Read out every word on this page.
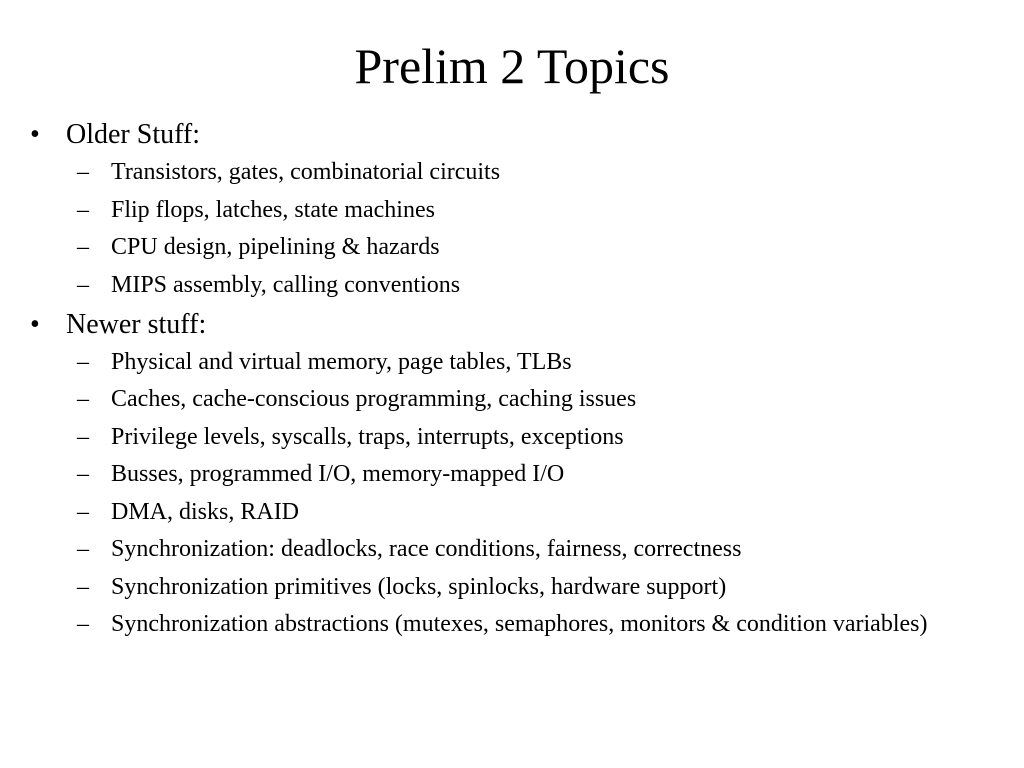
Prelim 2 Topics
• Older Stuff:
– Transistors, gates, combinatorial circuits
– Flip flops, latches, state machines
– CPU design, pipelining & hazards
– MIPS assembly, calling conventions
• Newer stuff:
– Physical and virtual memory, page tables, TLBs
– Caches, cache-conscious programming, caching issues
– Privilege levels, syscalls, traps, interrupts, exceptions
– Busses, programmed I/O, memory-mapped I/O
– DMA, disks, RAID
– Synchronization: deadlocks, race conditions, fairness, correctness
– Synchronization primitives (locks, spinlocks, hardware support)
– Synchronization abstractions (mutexes, semaphores, monitors & condition variables)
